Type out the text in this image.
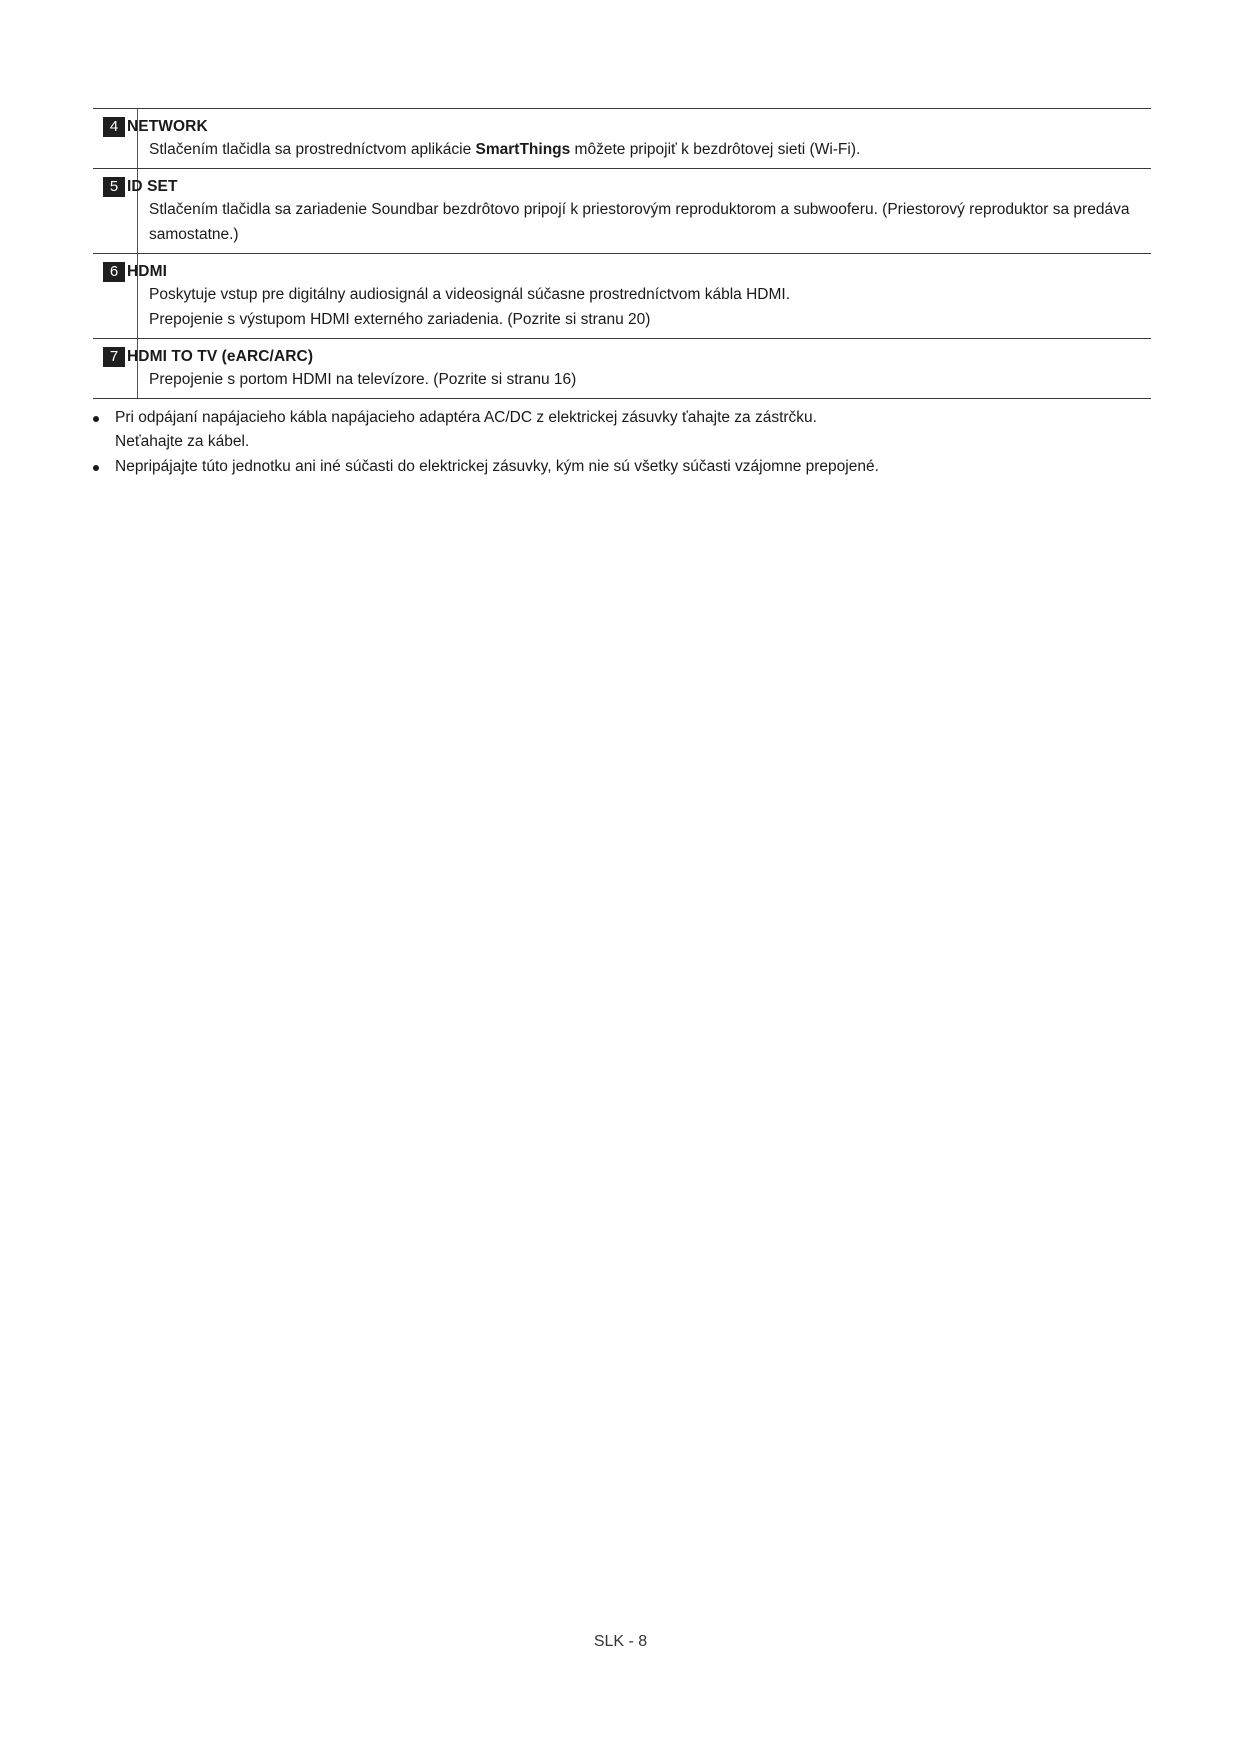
4 NETWORK

Stlačením tlačidla sa prostredníctvom aplikácie SmartThings môžete pripojiť k bezdrôtovej sieti (Wi-Fi).

5 ID SET

Stlačením tlačidla sa zariadenie Soundbar bezdrôtovo pripojí k priestorovým reproduktorom a subwooferu. (Priestorový reproduktor sa predáva samostatne.)

6 HDMI

Poskytuje vstup pre digitálny audiosignál a videosignál súčasne prostredníctvom kábla HDMI.

Prepojenie s výstupom HDMI externého zariadenia. (Pozrite si stranu 20)

7 HDMI TO TV (eARC/ARC)

Prepojenie s portom HDMI na televízore. (Pozrite si stranu 16)

Pri odpájaní napájacieho kábla napájacieho adaptéra AC/DC z elektrickej zásuvky ťahajte za zástrčku.
Neťahajte za kábel.
Nepripájajte túto jednotku ani iné súčasti do elektrickej zásuvky, kým nie sú všetky súčasti vzájomne prepojené.
SLK - 8
